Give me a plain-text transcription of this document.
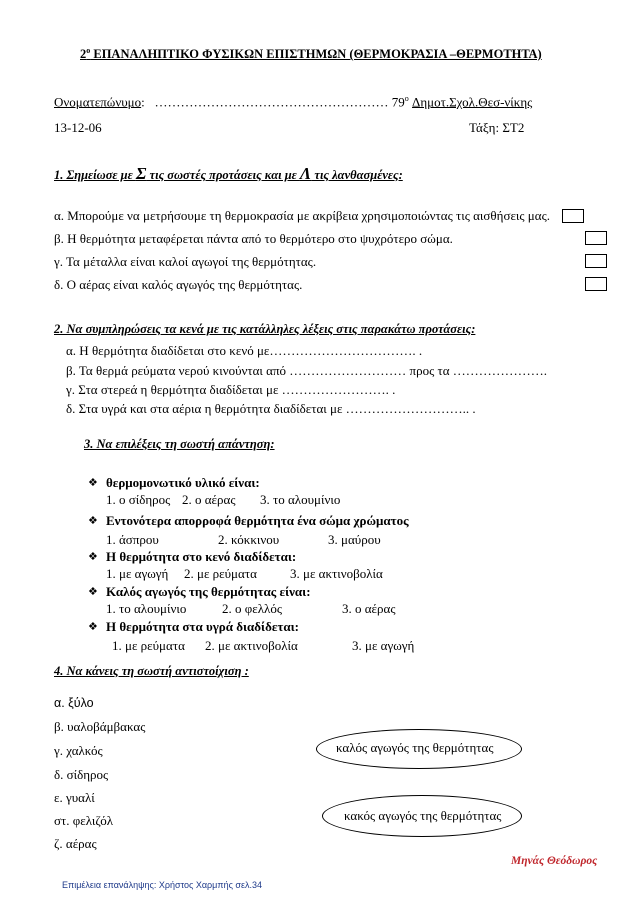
$2^o$ ΕΠΑΝΑΛΗΠΤΙΚΟ ΦΥΣΙΚΩΝ ΕΠΙΣΤΗΜΩΝ (ΘΕΡΜΟΚΡΑΣΙΑ –ΘΕΡΜΟΤΗΤΑ)
Ονοματεπώνυμο: ……………………………………………… $79^o$ Δημοτ.Σχολ.Θεσ-νίκης
13-12-06	Τάξη: ΣΤ2
1. Σημείωσε με Σ τις σωστές προτάσεις και με Λ τις λανθασμένες:
α. Μπορούμε να μετρήσουμε τη θερμοκρασία με ακρίβεια χρησιμοποιώντας τις αισθήσεις μας.
β. Η θερμότητα μεταφέρεται πάντα από το θερμότερο στο ψυχρότερο σώμα.
γ. Τα μέταλλα είναι καλοί αγωγοί της θερμότητας.
δ. Ο αέρας είναι καλός αγωγός της θερμότητας.
2. Να συμπληρώσεις τα κενά με τις κατάλληλες λέξεις στις παρακάτω προτάσεις:
α. Η θερμότητα διαδίδεται στο κενό με……………………………. .
β. Τα θερμά ρεύματα νερού κινούνται από ……………………… προς τα ………………….
γ. Στα στερεά η θερμότητα διαδίδεται με ……………………. .
δ. Στα υγρά και στα αέρια η θερμότητα διαδίδεται με ……………………….. .
3. Να επιλέξεις τη σωστή απάντηση:
❖ θερμομονωτικό υλικό είναι:
1. ο σίδηρος 2. ο αέρας 3. το αλουμίνιο
❖ Εντονότερα απορροφά θερμότητα ένα σώμα χρώματος
1. άσπρου	2. κόκκινου	3. μαύρου
❖ Η θερμότητα στο κενό διαδίδεται:
1. με αγωγή 2. με ρεύματα	3. με ακτινοβολία
❖ Καλός αγωγός της θερμότητας είναι:
1. το αλουμίνιο	2. ο φελλός	3. ο αέρας
❖ Η θερμότητα στα υγρά διαδίδεται:
1. με ρεύματα 2. με ακτινοβολία	3. με αγωγή
4. Να κάνεις τη σωστή αντιστοίχιση :
α. ξύλο
β. υαλοβάμβακας
γ. χαλκός
δ. σίδηρος
ε. γυαλί
στ. φελιζόλ
ζ. αέρας
καλός αγωγός της θερμότητας
κακός αγωγός της θερμότητας
Μηνάς Θεόδωρος
Επιμέλεια επανάληψης: Χρήστος Χαρμπής σελ.34
